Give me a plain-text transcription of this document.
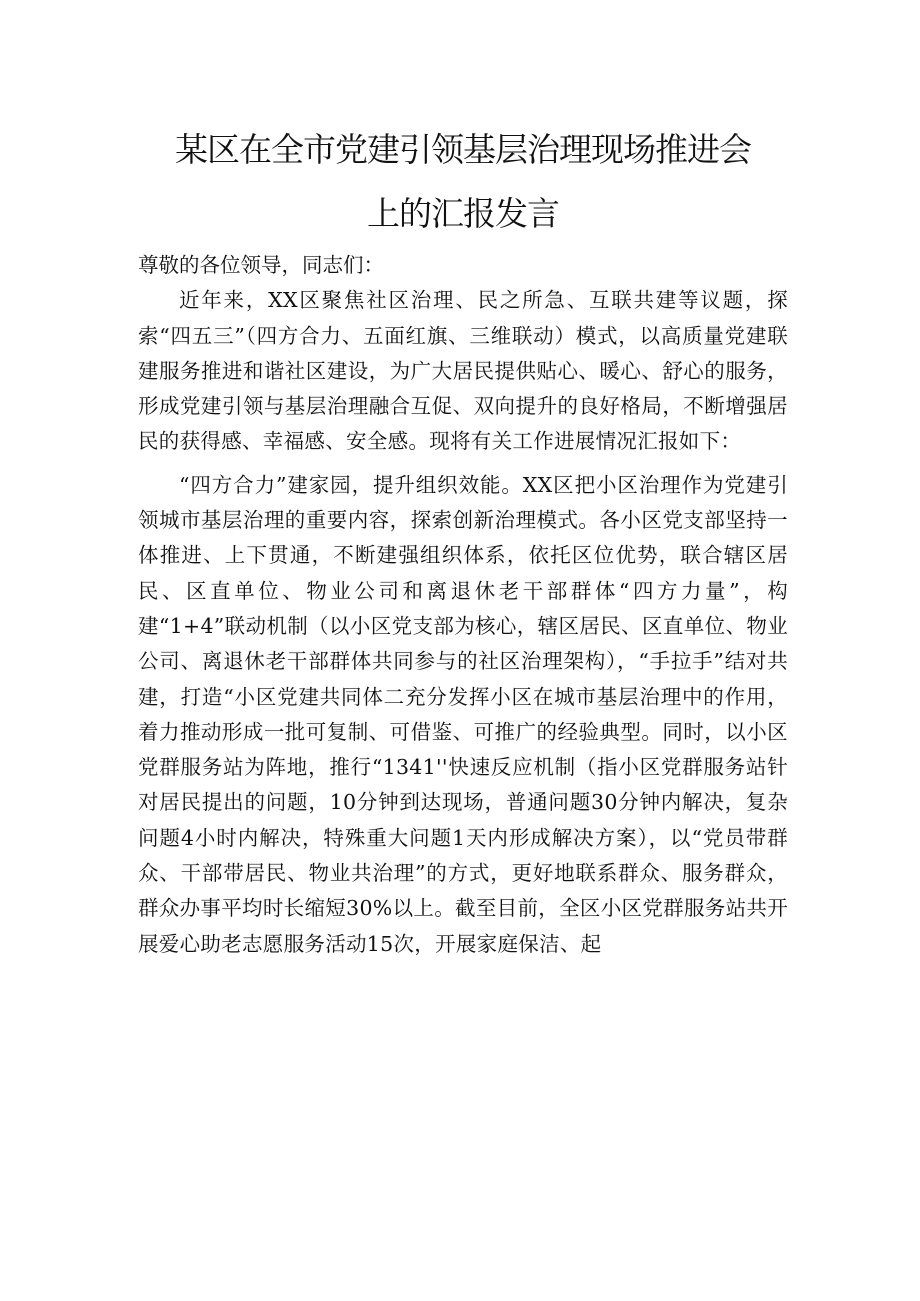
某区在全市党建引领基层治理现场推进会
上的汇报发言

尊敬的各位领导，同志们：

近年来，XX区聚焦社区治理、民之所急、互联共建等议题，探索“四五三”（四方合力、五面红旗、三维联动）模式，以高质量党建联建服务推进和谐社区建设，为广大居民提供贴心、暖心、舒心的服务，形成党建引领与基层治理融合互促、双向提升的良好格局，不断增强居民的获得感、幸福感、安全感。现将有关工作进展情况汇报如下：

“四方合力”建家园，提升组织效能。XX区把小区治理作为党建引领城市基层治理的重要内容，探索创新治理模式。各小区党支部坚持一体推进、上下贯通，不断建强组织体系，依托区位优势，联合辖区居民、区直单位、物业公司和离退休老干部群体“四方力量”，构建“1+4”联动机制（以小区党支部为核心，辖区居民、区直单位、物业公司、离退休老干部群体共同参与的社区治理架构），“手拉手”结对共建，打造“小区党建共同体二充分发挥小区在城市基层治理中的作用，着力推动形成一批可复制、可借鉴、可推广的经验典型。同时，以小区党群服务站为阵地，推行“1341''快速反应机制（指小区党群服务站针对居民提出的问题，10分钟到达现场，普通问题30分钟内解决，复杂问题4小时内解决，特殊重大问题1天内形成解决方案），以“党员带群众、干部带居民、物业共治理”的方式，更好地联系群众、服务群众，群众办事平均时长缩短30%以上。截至目前，全区小区党群服务站共开展爱心助老志愿服务活动15次，开展家庭保洁、起
